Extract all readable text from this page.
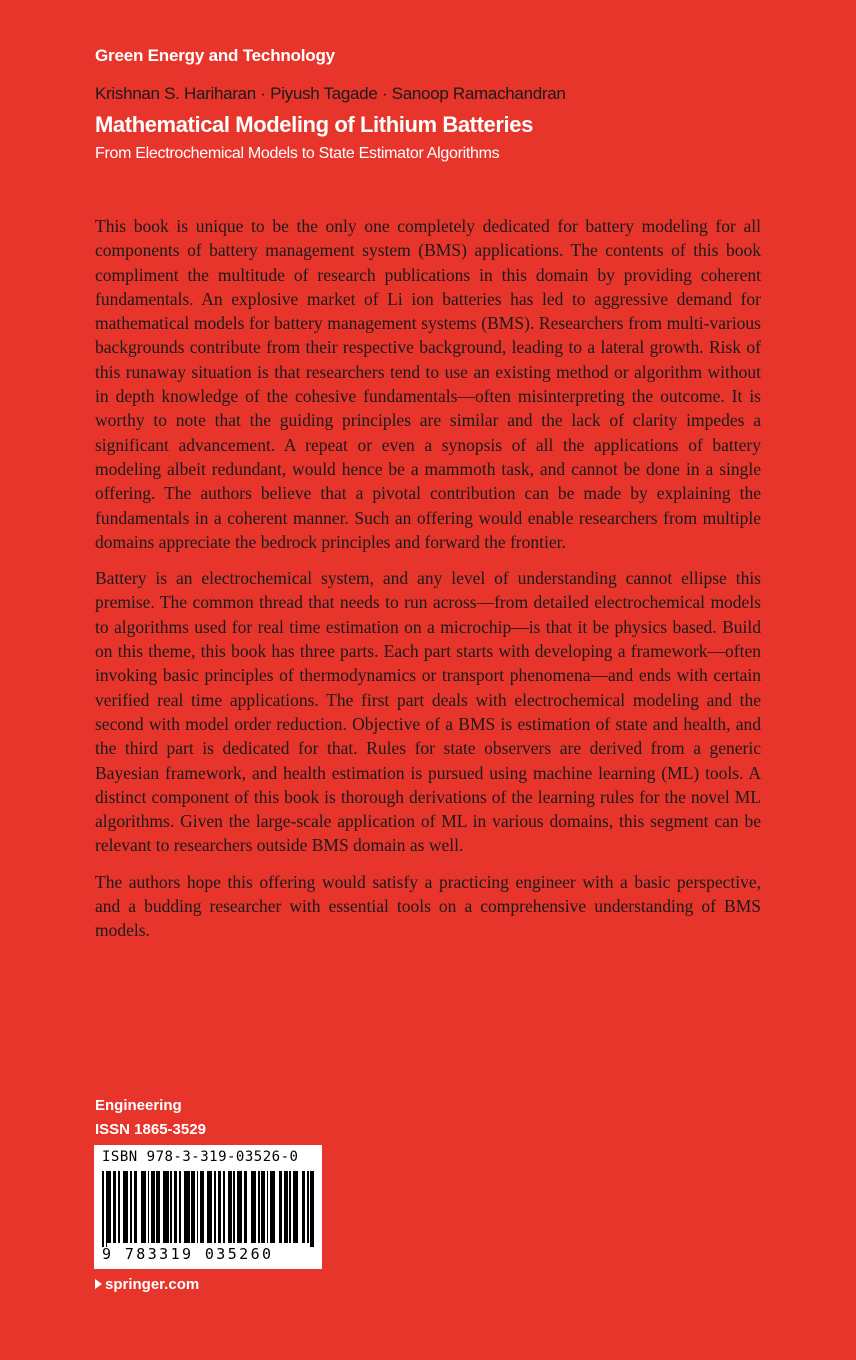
Green Energy and Technology
Krishnan S. Hariharan · Piyush Tagade · Sanoop Ramachandran
Mathematical Modeling of Lithium Batteries
From Electrochemical Models to State Estimator Algorithms

This book is unique to be the only one completely dedicated for battery modeling for all components of battery management system (BMS) applications. The contents of this book compliment the multitude of research publications in this domain by providing coherent fundamentals. An explosive market of Li ion batteries has led to aggressive demand for mathematical models for battery management systems (BMS). Researchers from multi-various backgrounds contribute from their respective background, leading to a lateral growth. Risk of this runaway situation is that researchers tend to use an existing method or algorithm without in depth knowledge of the cohesive fundamentals—often misinterpreting the outcome. It is worthy to note that the guiding principles are similar and the lack of clarity impedes a significant advancement. A repeat or even a synopsis of all the applications of battery modeling albeit redundant, would hence be a mammoth task, and cannot be done in a single offering. The authors believe that a pivotal contribution can be made by explaining the fundamentals in a coherent manner. Such an offering would enable researchers from multiple domains appreciate the bedrock principles and forward the frontier.

Battery is an electrochemical system, and any level of understanding cannot ellipse this premise. The common thread that needs to run across—from detailed electrochemical models to algorithms used for real time estimation on a microchip—is that it be physics based. Build on this theme, this book has three parts. Each part starts with developing a framework—often invoking basic principles of thermodynamics or transport phenomena—and ends with certain verified real time applications. The first part deals with electrochemical modeling and the second with model order reduction. Objective of a BMS is estimation of state and health, and the third part is dedicated for that. Rules for state observers are derived from a generic Bayesian framework, and health estimation is pursued using machine learning (ML) tools. A distinct component of this book is thorough derivations of the learning rules for the novel ML algorithms. Given the large-scale application of ML in various domains, this segment can be relevant to researchers outside BMS domain as well.

The authors hope this offering would satisfy a practicing engineer with a basic perspective, and a budding researcher with essential tools on a comprehensive understanding of BMS models.

Engineering
ISSN 1865-3529
ISBN 978-3-319-03526-0
9 783319 035260
springer.com
